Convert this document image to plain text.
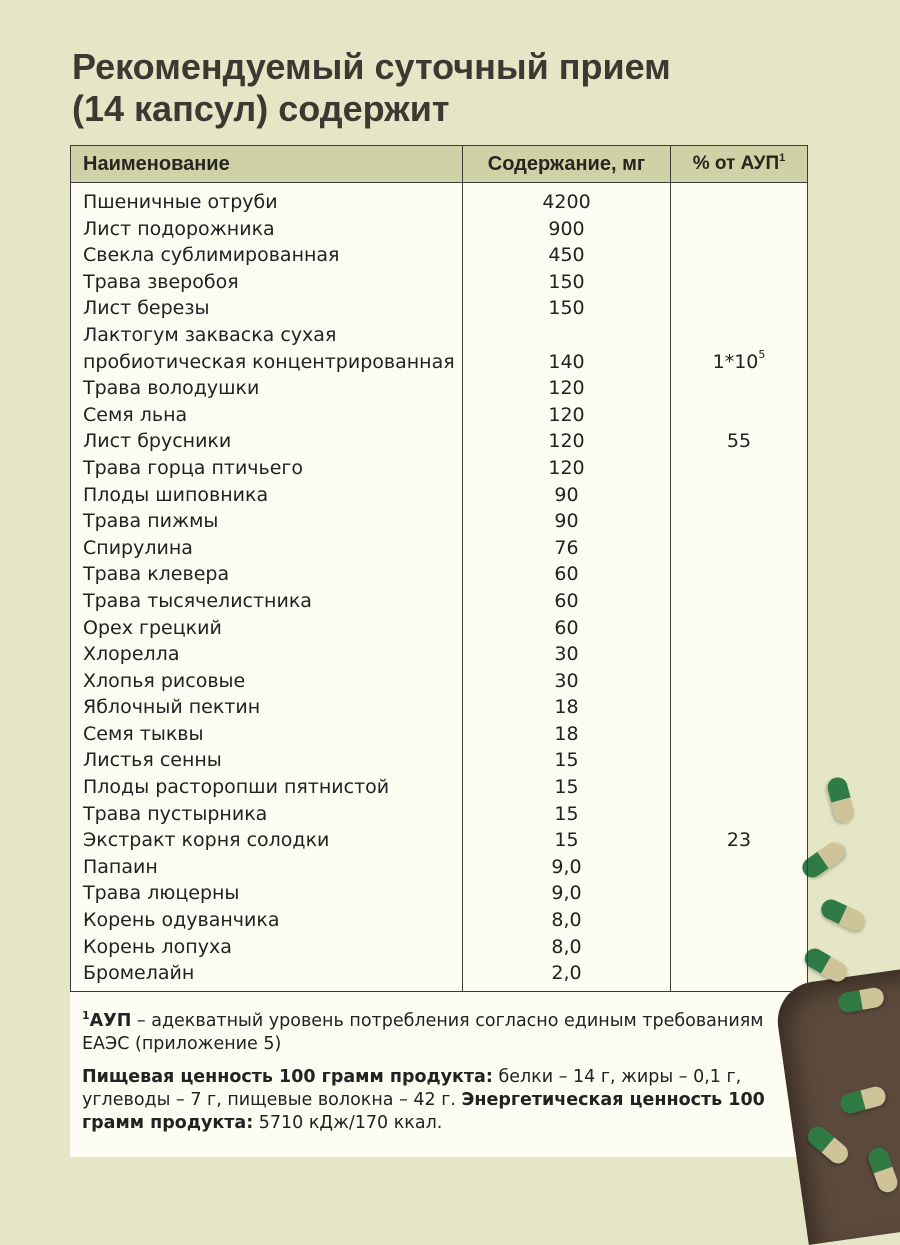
Рекомендуемый суточный прием
(14 капсул) содержит
Наименование	Содержание, мг	% от АУП$^1$
Пшеничные отруби	4200	
Лист подорожника	900	
Свекла сублимированная	450	
Трава зверобоя	150	
Лист березы	150	
Лактогум закваска сухая		
пробиотическая концентрированная	140	$1*10^5$
Трава володушки	120	
Семя льна	120	
Лист брусники	120	55
Трава горца птичьего	120	
Плоды шиповника	90	
Трава пижмы	90	
Спирулина	76	
Трава клевера	60	
Трава тысячелистника	60	
Орех грецкий	60	
Хлорелла	30	
Хлопья рисовые	30	
Яблочный пектин	18	
Семя тыквы	18	
Листья сенны	15	
Плоды расторопши пятнистой	15	
Трава пустырника	15	
Экстракт корня солодки	15	23
Папаин	9,0	
Трава люцерны	9,0	
Корень одуванчика	8,0	
Корень лопуха	8,0	
Бромелайн	2,0	
$^1$АУП – адекватный уровень потребления согласно единым требованиям ЕАЭС (приложение 5)
Пищевая ценность 100 грамм продукта: белки – 14 г, жиры – 0,1 г, углеводы – 7 г, пищевые волокна – 42 г. Энергетическая ценность 100 грамм продукта: 5710 кДж/170 ккал.
